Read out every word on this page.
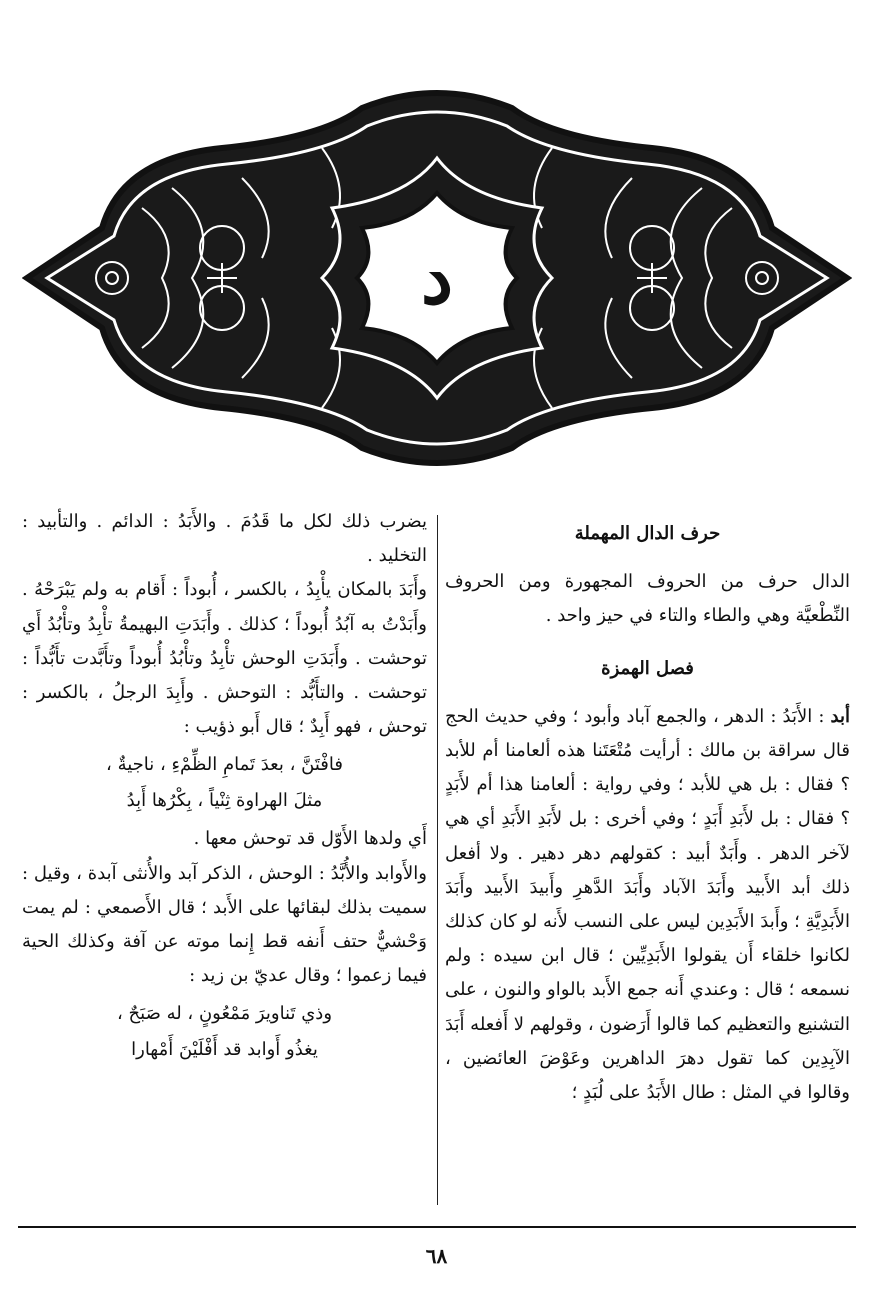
د

حرف الدال المهملة

الدال حرف من الحروف المجهورة ومن الحروف النِّطْعيَّة وهي والطاء والتاء في حيز واحد .

فصل الهمزة

أبد : الأَبَدُ : الدهر ، والجمع آباد وأبود ؛ وفي حديث الحج قال سراقة بن مالك : أرأيت مُتْعَتَنا هذه ألعامنا أم للأبد ؟ فقال : بل هي للأبد ؛ وفي رواية : ألعامنا هذا أم لأَبَدٍ ؟ فقال : بل لأَبَدِ أَبَدٍ ؛ وفي أخرى : بل لأَبَدِ الأَبَدِ أي هي لآخر الدهر . وأَبَدٌ أبيد : كقولهم دهر دهير . ولا أفعل ذلك أبد الأَبيد وأَبَدَ الآباد وأَبَدَ الدَّهرِ وأَبيدَ الأَبيد وأَبَدَ الأَبَدِيَّةِ ؛ وأَبدَ الأَبَدِين ليس على النسب لأَنه لو كان كذلك لكانوا خلقاء أَن يقولوا الأَبَدِيِّين ؛ قال ابن سيده : ولم نسمعه ؛ قال : وعندي أَنه جمع الأَبد بالواو والنون ، على التشنيع والتعظيم كما قالوا أَرَضون ، وقولهم لا أَفعله أَبَدَ الآبِدِين كما تقول دهرَ الداهرين وعَوْضَ العائضين ، وقالوا في المثل : طال الأَبَدُ على لُبَدٍ ؛

يضرب ذلك لكل ما قَدُمَ . والأَبَدُ : الدائم . والتأبيد : التخليد .

وأَبَدَ بالمكان يأْبِدُ ، بالكسر ، أُبوداً : أَقام به ولم يَبْرَحْهُ . وأَبَدْتُ به آبُدُ أُبوداً ؛ كذلك . وأَبَدَتِ البهيمةُ تأْبِدُ وتأْبُدُ أَي توحشت . وأَبَدَتِ الوحش تأْبِدُ وتأْبُدُ أُبوداً وتأَبَّدت تأَبُّداً : توحشت . والتأَبُّد : التوحش . وأَبِدَ الرجلُ ، بالكسر : توحش ، فهو أَبِدٌ ؛ قال أَبو ذؤيب :

فافْتَنَّ ، بعدَ تَمامِ الظِّمْءِ ، ناجيةٌ ،

مثلَ الهراوة ثِنْياً ، بِكْرُها أَبِدُ

أَي ولدها الأَوّل قد توحش معها .

والأَوابد والأُبَّدُ : الوحش ، الذكر آبد والأُنثى آبدة ، وقيل : سميت بذلك لبقائها على الأَبد ؛ قال الأَصمعي : لم يمت وَحْشيٌّ حتف أَنفه قط إِنما موته عن آفة وكذلك الحية فيما زعموا ؛ وقال عديّ بن زيد :

وذي تَناويرَ مَمْعُونٍ ، له صَبَحٌ ،

يغذُو أَوابد قد أَفْلَيْنَ أَمْهارا

٦٨
